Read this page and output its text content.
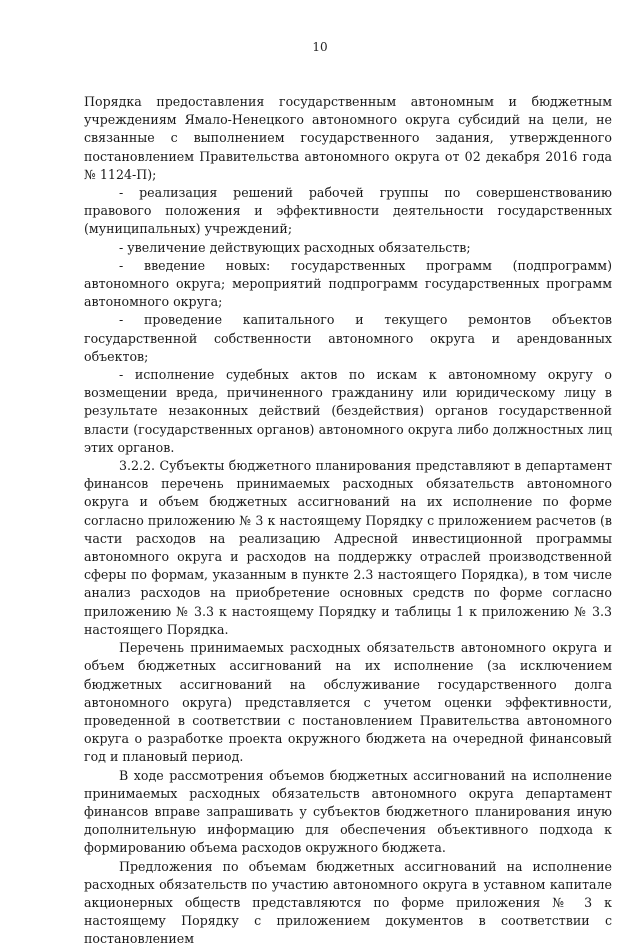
10

Порядка предоставления государственным автономным и бюджетным учреждениям Ямало-Ненецкого автономного округа субсидий на цели, не связанные с выполнением государственного задания, утвержденного постановлением Правительства автономного округа от 02 декабря 2016 года № 1124-П);

- реализация решений рабочей группы по совершенствованию правового положения и эффективности деятельности государственных (муниципальных) учреждений;

- увеличение действующих расходных обязательств;

- введение новых: государственных программ (подпрограмм) автономного округа; мероприятий подпрограмм государственных программ автономного округа;

- проведение капитального и текущего ремонтов объектов государственной собственности автономного округа и арендованных объектов;

- исполнение судебных актов по искам к автономному округу о возмещении вреда, причиненного гражданину или юридическому лицу в результате незаконных действий (бездействия) органов государственной власти (государственных органов) автономного округа либо должностных лиц этих органов.

3.2.2. Субъекты бюджетного планирования представляют в департамент финансов перечень принимаемых расходных обязательств автономного округа и объем бюджетных ассигнований на их исполнение по форме согласно приложению № 3 к настоящему Порядку с приложением расчетов (в части расходов на реализацию Адресной инвестиционной программы автономного округа и расходов на поддержку отраслей производственной сферы по формам, указанным в пункте 2.3 настоящего Порядка), в том числе анализ расходов на приобретение основных средств по форме согласно приложению № 3.3 к настоящему Порядку и таблицы 1 к приложению № 3.3 настоящего Порядка.

Перечень принимаемых расходных обязательств автономного округа и объем бюджетных ассигнований на их исполнение (за исключением бюджетных ассигнований на обслуживание государственного долга автономного округа) представляется с учетом оценки эффективности, проведенной в соответствии с постановлением Правительства автономного округа о разработке проекта окружного бюджета на очередной финансовый год и плановый период.

В ходе рассмотрения объемов бюджетных ассигнований на исполнение принимаемых расходных обязательств автономного округа департамент финансов вправе запрашивать у субъектов бюджетного планирования иную дополнительную информацию для обеспечения объективного подхода к формированию объема расходов окружного бюджета.

Предложения по объемам бюджетных ассигнований на исполнение расходных обязательств по участию автономного округа в уставном капитале акционерных обществ представляются по форме приложения № 3 к настоящему Порядку с приложением документов в соответствии с постановлением
